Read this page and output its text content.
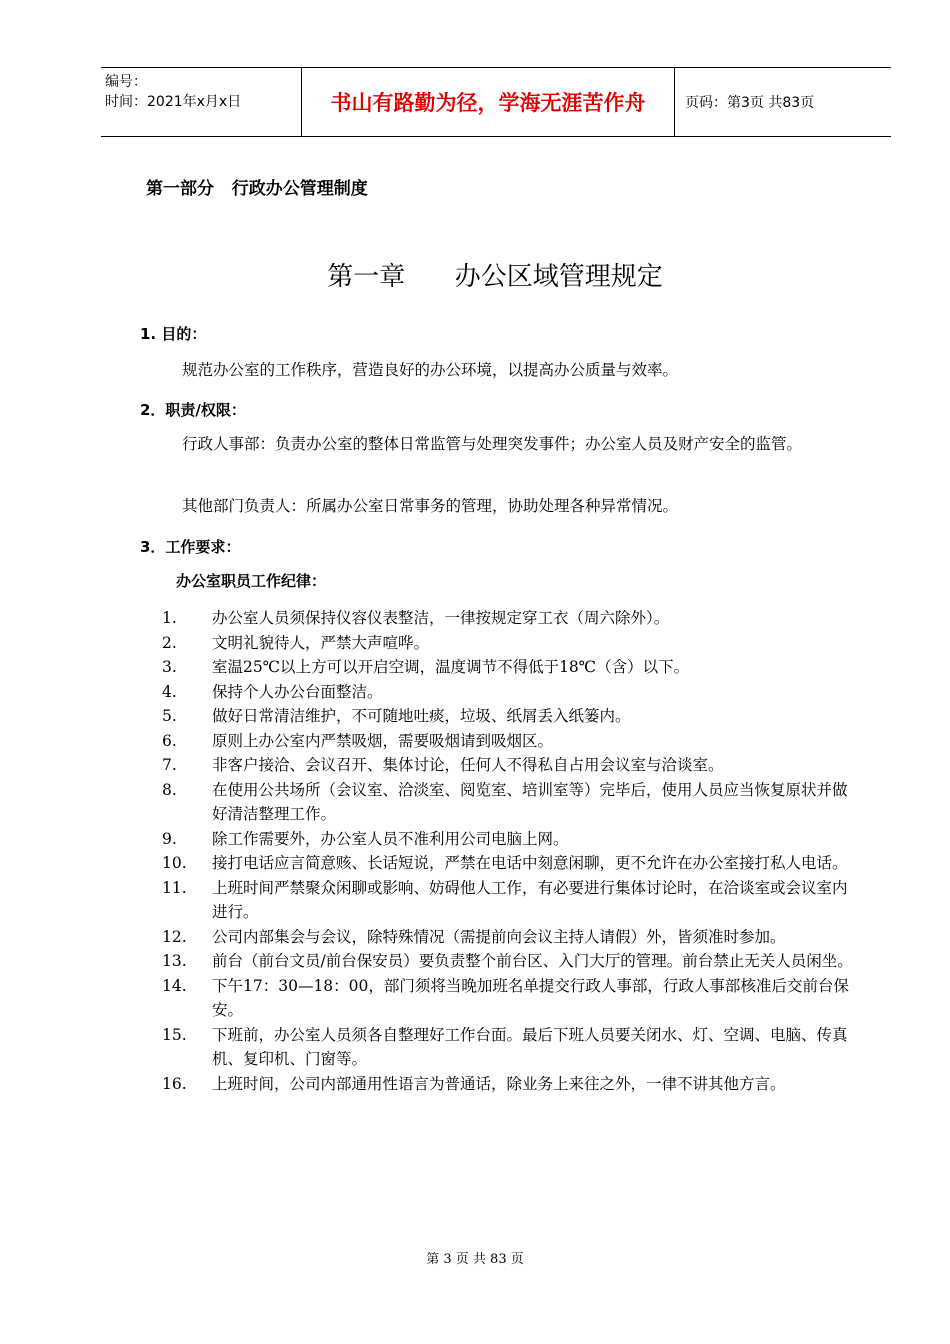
编号：
时间：2021年x月x日	书山有路勤为径，学海无涯苦作舟	页码：第3页 共83页
第一部分   行政办公管理制度
第一章      办公区域管理规定
1. 目的：
规范办公室的工作秩序，营造良好的办公环境，以提高办公质量与效率。
2．职责/权限：
行政人事部：负责办公室的整体日常监管与处理突发事件；办公室人员及财产安全的监管。
其他部门负责人：所属办公室日常事务的管理，协助处理各种异常情况。
3．工作要求：
办公室职员工作纪律：
1.	办公室人员须保持仪容仪表整洁，一律按规定穿工衣（周六除外）。
2.	文明礼貌待人，严禁大声喧哗。
3.	室温25℃以上方可以开启空调，温度调节不得低于18℃（含）以下。
4.	保持个人办公台面整洁。
5.	做好日常清洁维护，不可随地吐痰，垃圾、纸屑丢入纸篓内。
6.	原则上办公室内严禁吸烟，需要吸烟请到吸烟区。
7.	非客户接洽、会议召开、集体讨论，任何人不得私自占用会议室与洽谈室。
8.	在使用公共场所（会议室、洽淡室、阅览室、培训室等）完毕后，使用人员应当恢复原状并做好清洁整理工作。
9.	除工作需要外，办公室人员不准利用公司电脑上网。
10.	接打电话应言简意赅、长话短说，严禁在电话中刻意闲聊，更不允许在办公室接打私人电话。
11.	上班时间严禁聚众闲聊或影响、妨碍他人工作，有必要进行集体讨论时，在洽谈室或会议室内进行。
12.	公司内部集会与会议，除特殊情况（需提前向会议主持人请假）外，皆须准时参加。
13.	前台（前台文员/前台保安员）要负责整个前台区、入门大厅的管理。前台禁止无关人员闲坐。
14.	下午17：30—18：00，部门须将当晚加班名单提交行政人事部，行政人事部核准后交前台保安。
15.	下班前，办公室人员须各自整理好工作台面。最后下班人员要关闭水、灯、空调、电脑、传真机、复印机、门窗等。
16.	上班时间，公司内部通用性语言为普通话，除业务上来往之外，一律不讲其他方言。
第 3 页 共 83 页
